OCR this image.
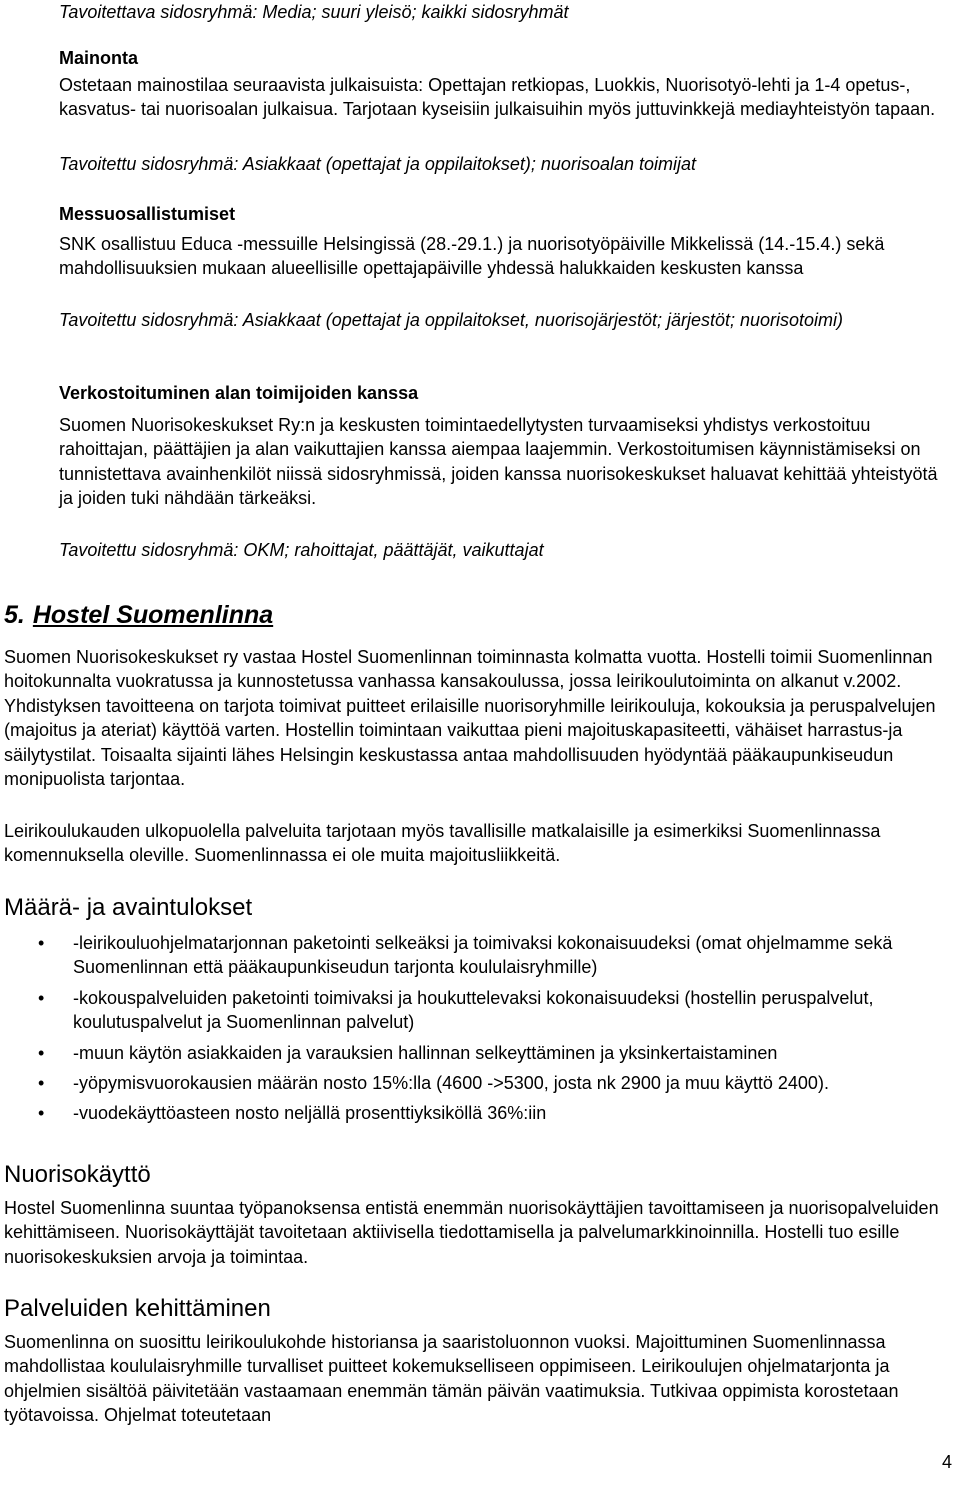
Tavoitettava sidosryhmä: Media; suuri yleisö; kaikki sidosryhmät

Mainonta

Ostetaan mainostilaa seuraavista julkaisuista: Opettajan retkiopas, Luokkis, Nuorisotyö-lehti ja 1-4 opetus-, kasvatus- tai nuorisoalan julkaisua. Tarjotaan kyseisiin julkaisuihin myös juttuvinkkejä mediayhteistyön tapaan.

Tavoitettu sidosryhmä: Asiakkaat (opettajat ja oppilaitokset); nuorisoalan toimijat

Messuosallistumiset

SNK osallistuu Educa -messuille Helsingissä (28.-29.1.) ja nuorisotyöpäiville Mikkelissä (14.-15.4.) sekä mahdollisuuksien mukaan alueellisille opettajapäiville yhdessä halukkaiden keskusten kanssa

Tavoitettu sidosryhmä: Asiakkaat (opettajat ja oppilaitokset, nuorisojärjestöt; järjestöt; nuorisotoimi)

Verkostoituminen alan toimijoiden kanssa

Suomen Nuorisokeskukset Ry:n ja keskusten toimintaedellytysten turvaamiseksi yhdistys verkostoituu rahoittajan, päättäjien ja alan vaikuttajien kanssa aiempaa laajemmin. Verkostoitumisen käynnistämiseksi on tunnistettava avainhenkilöt niissä sidosryhmissä, joiden kanssa nuorisokeskukset haluavat kehittää yhteistyötä ja joiden tuki nähdään tärkeäksi.

Tavoitettu sidosryhmä: OKM; rahoittajat, päättäjät, vaikuttajat

5. Hostel Suomenlinna

Suomen Nuorisokeskukset ry vastaa Hostel Suomenlinnan toiminnasta kolmatta vuotta. Hostelli toimii Suomenlinnan hoitokunnalta vuokratussa ja kunnostetussa vanhassa kansakoulussa, jossa leirikoulutoiminta on alkanut v.2002. Yhdistyksen tavoitteena on tarjota toimivat puitteet erilaisille nuorisoryhmille leirikouluja, kokouksia ja peruspalvelujen (majoitus ja ateriat) käyttöä varten. Hostellin toimintaan vaikuttaa pieni majoituskapasiteetti, vähäiset harrastus-ja säilytystilat. Toisaalta sijainti lähes Helsingin keskustassa antaa mahdollisuuden hyödyntää pääkaupunkiseudun monipuolista tarjontaa.

Leirikoulukauden ulkopuolella palveluita tarjotaan myös tavallisille matkalaisille ja esimerkiksi Suomenlinnassa komennuksella oleville. Suomenlinnassa ei ole muita majoitusliikkeitä.

Määrä- ja avaintulokset

• -leirikouluohjelmatarjonnan paketointi selkeäksi ja toimivaksi kokonaisuudeksi (omat ohjelmamme sekä Suomenlinnan että pääkaupunkiseudun tarjonta koululaisryhmille)
• -kokouspalveluiden paketointi toimivaksi ja houkuttelevaksi kokonaisuudeksi (hostellin peruspalvelut, koulutuspalvelut ja Suomenlinnan palvelut)
• -muun käytön asiakkaiden ja varauksien hallinnan selkeyttäminen ja yksinkertaistaminen
• -yöpymisvuorokausien määrän nosto 15%:lla (4600 ->5300, josta nk 2900 ja muu käyttö 2400).
• -vuodekäyttöasteen nosto neljällä prosenttiyksiköllä 36%:iin

Nuorisokäyttö

Hostel Suomenlinna suuntaa työpanoksensa entistä enemmän nuorisokäyttäjien tavoittamiseen ja nuorisopalveluiden kehittämiseen. Nuorisokäyttäjät tavoitetaan aktiivisella tiedottamisella ja palvelumarkkinoinnilla. Hostelli tuo esille nuorisokeskuksien arvoja ja toimintaa.

Palveluiden kehittäminen

Suomenlinna on suosittu leirikoulukohde historiansa ja saaristoluonnon vuoksi. Majoittuminen Suomenlinnassa mahdollistaa koululaisryhmille turvalliset puitteet kokemukselliseen oppimiseen. Leirikoulujen ohjelmatarjonta ja ohjelmien sisältöä päivitetään vastaamaan enemmän tämän päivän vaatimuksia. Tutkivaa oppimista korostetaan työtavoissa. Ohjelmat toteutetaan

4
